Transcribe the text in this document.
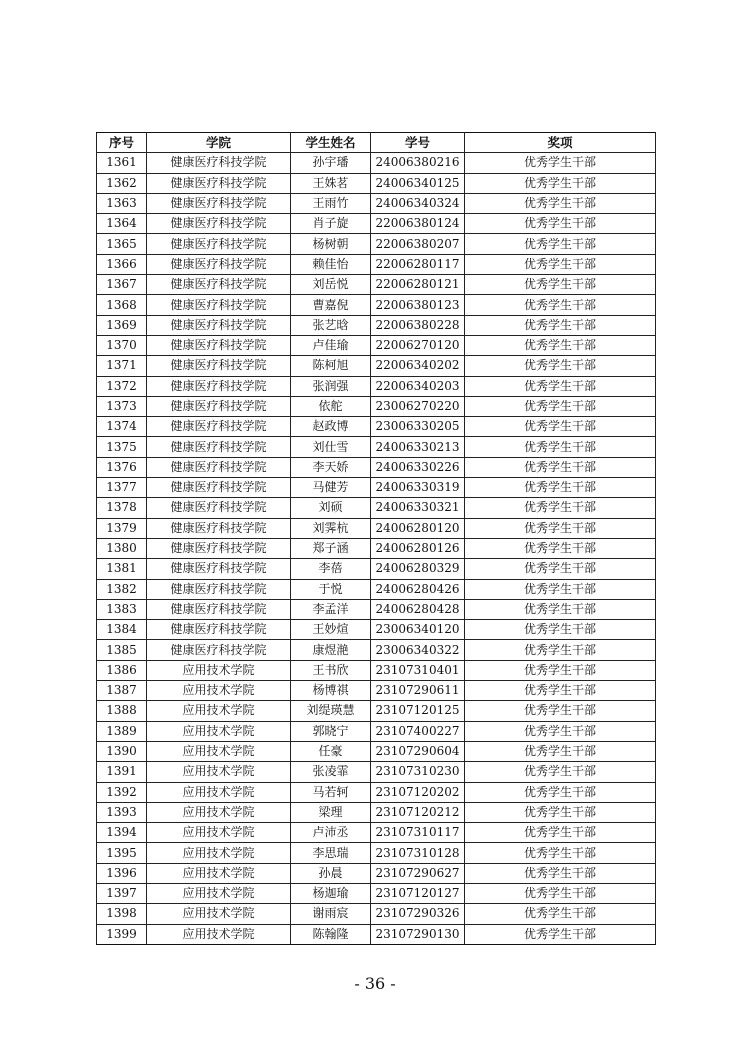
序号	学院	学生姓名	学号	奖项
1361	健康医疗科技学院	孙宇璠	24006380216	优秀学生干部
1362	健康医疗科技学院	王姝茗	24006340125	优秀学生干部
1363	健康医疗科技学院	王雨竹	24006340324	优秀学生干部
1364	健康医疗科技学院	肖子旋	22006380124	优秀学生干部
1365	健康医疗科技学院	杨树朝	22006380207	优秀学生干部
1366	健康医疗科技学院	赖佳怡	22006280117	优秀学生干部
1367	健康医疗科技学院	刘岳悦	22006280121	优秀学生干部
1368	健康医疗科技学院	曹嘉倪	22006380123	优秀学生干部
1369	健康医疗科技学院	张艺晗	22006380228	优秀学生干部
1370	健康医疗科技学院	卢佳瑜	22006270120	优秀学生干部
1371	健康医疗科技学院	陈柯旭	22006340202	优秀学生干部
1372	健康医疗科技学院	张润强	22006340203	优秀学生干部
1373	健康医疗科技学院	依舵	23006270220	优秀学生干部
1374	健康医疗科技学院	赵政博	23006330205	优秀学生干部
1375	健康医疗科技学院	刘仕雪	24006330213	优秀学生干部
1376	健康医疗科技学院	李天娇	24006330226	优秀学生干部
1377	健康医疗科技学院	马健芳	24006330319	优秀学生干部
1378	健康医疗科技学院	刘硕	24006330321	优秀学生干部
1379	健康医疗科技学院	刘霁杭	24006280120	优秀学生干部
1380	健康医疗科技学院	郑子涵	24006280126	优秀学生干部
1381	健康医疗科技学院	李蓓	24006280329	优秀学生干部
1382	健康医疗科技学院	于悦	24006280426	优秀学生干部
1383	健康医疗科技学院	李孟洋	24006280428	优秀学生干部
1384	健康医疗科技学院	王妙煊	23006340120	优秀学生干部
1385	健康医疗科技学院	康煜滟	23006340322	优秀学生干部
1386	应用技术学院	王书欣	23107310401	优秀学生干部
1387	应用技术学院	杨博祺	23107290611	优秀学生干部
1388	应用技术学院	刘缇瑛慧	23107120125	优秀学生干部
1389	应用技术学院	郭晓宁	23107400227	优秀学生干部
1390	应用技术学院	任豪	23107290604	优秀学生干部
1391	应用技术学院	张凌霏	23107310230	优秀学生干部
1392	应用技术学院	马若轲	23107120202	优秀学生干部
1393	应用技术学院	梁理	23107120212	优秀学生干部
1394	应用技术学院	卢沛丞	23107310117	优秀学生干部
1395	应用技术学院	李思瑞	23107310128	优秀学生干部
1396	应用技术学院	孙晨	23107290627	优秀学生干部
1397	应用技术学院	杨迦瑜	23107120127	优秀学生干部
1398	应用技术学院	谢雨宸	23107290326	优秀学生干部
1399	应用技术学院	陈翰隆	23107290130	优秀学生干部
- 36 -
